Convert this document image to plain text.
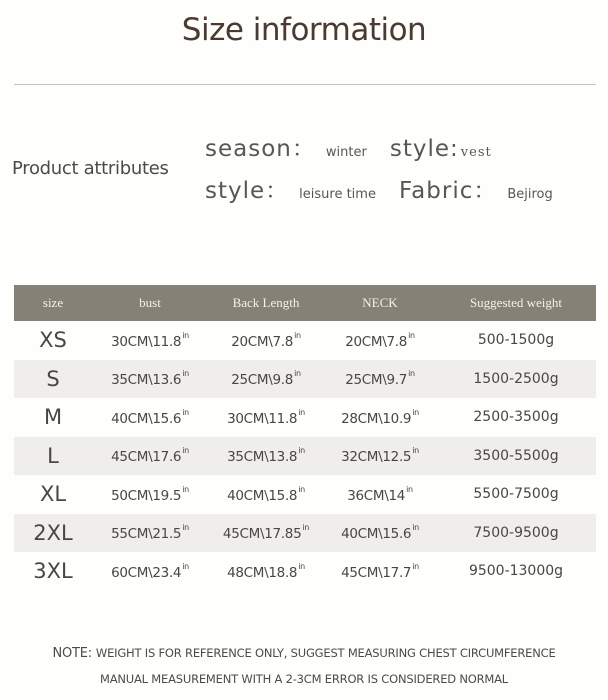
Size information
Product attributes
season： winter style: vest
style： leisure time Fabric： Bejirog
size	bust	Back Length	NECK	Suggested weight
XS	$30CM\backslash 11.8^{in}$	$20CM\backslash 7.8^{in}$	$20CM\backslash 7.8^{in}$	500-1500g
S	$35CM\backslash 13.6^{in}$	$25CM\backslash 9.8^{in}$	$25CM\backslash 9.7^{in}$	1500-2500g
M	$40CM\backslash 15.6^{in}$	$30CM\backslash 11.8^{in}$	$28CM\backslash 10.9^{in}$	2500-3500g
L	$45CM\backslash 17.6^{in}$	$35CM\backslash 13.8^{in}$	$32CM\backslash 12.5^{in}$	3500-5500g
XL	$50CM\backslash 19.5^{in}$	$40CM\backslash 15.8^{in}$	$36CM\backslash 14^{in}$	5500-7500g
2XL	$55CM\backslash 21.5^{in}$	$45CM\backslash 17.85^{in}$	$40CM\backslash 15.6^{in}$	7500-9500g
3XL	$60CM\backslash 23.4^{in}$	$48CM\backslash 18.8^{in}$	$45CM\backslash 17.7^{in}$	9500-13000g
NOTE: WEIGHT IS FOR REFERENCE ONLY, SUGGEST MEASURING CHEST CIRCUMFERENCE
MANUAL MEASUREMENT WITH A 2-3CM ERROR IS CONSIDERED NORMAL
